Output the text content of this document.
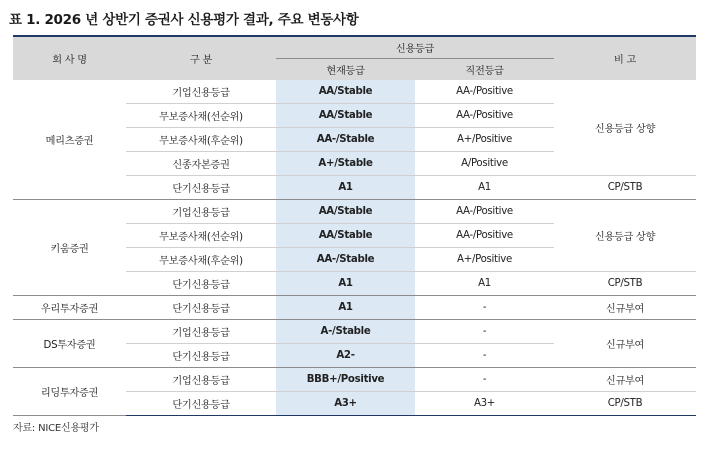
표 1. 2026 년 상반기 증권사 신용평가 결과, 주요 변동사항
회 사 명	구 분	신용등급		비 고
		현재등급	직전등급	
메리츠증권	기업신용등급	AA/Stable	AA-/Positive	신용등급 상향
	무보증사채(선순위)	AA/Stable	AA-/Positive	
	무보증사채(후순위)	AA-/Stable	A+/Positive	
	신종자본증권	A+/Stable	A/Positive	
	단기신용등급	A1	A1	CP/STB
키움증권	기업신용등급	AA/Stable	AA-/Positive	신용등급 상향
	무보증사채(선순위)	AA/Stable	AA-/Positive	
	무보증사채(후순위)	AA-/Stable	A+/Positive	
	단기신용등급	A1	A1	CP/STB
우리투자증권	단기신용등급	A1	-	신규부여
DS투자증권	기업신용등급	A-/Stable	-	신규부여
	단기신용등급	A2-	-	
리딩투자증권	기업신용등급	BBB+/Positive	-	신규부여
	단기신용등급	A3+	A3+	CP/STB
자료: NICE신용평가
